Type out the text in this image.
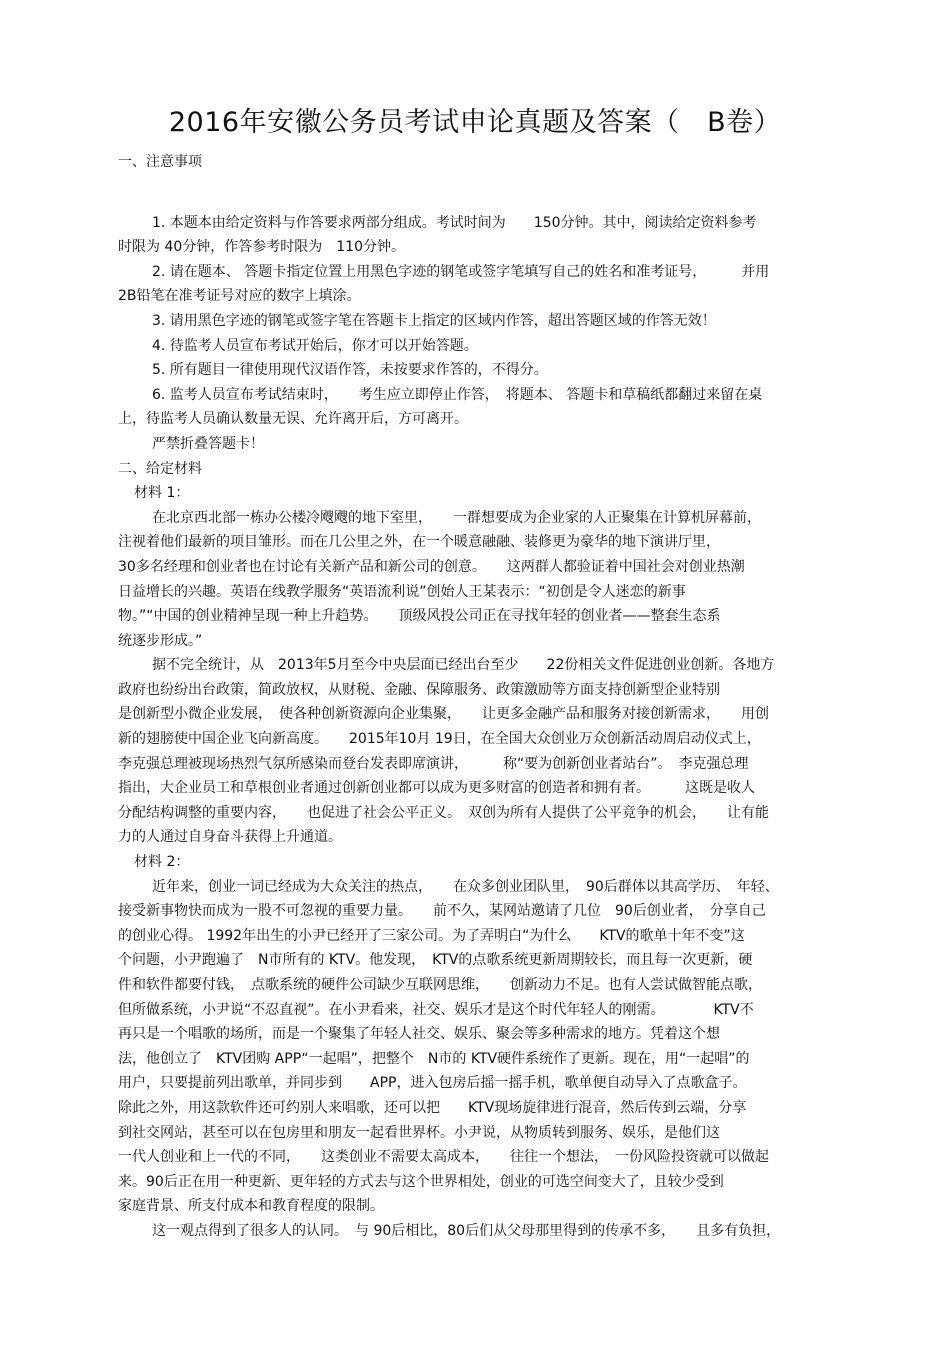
2016年安徽公务员考试申论真题及答案（　B卷）
一、注意事项
1. 本题本由给定资料与作答要求两部分组成。考试时间为　　150分钟。其中，阅读给定资料参考
时限为 40分钟，作答参考时限为　110分钟。
2. 请在题本、 答题卡指定位置上用黑色字迹的钢笔或签字笔填写自己的姓名和准考证号，　　　并用
2B铅笔在准考证号对应的数字上填涂。
3. 请用黑色字迹的钢笔或签字笔在答题卡上指定的区域内作答，超出答题区域的作答无效！
4. 待监考人员宣布考试开始后，你才可以开始答题。
5. 所有题目一律使用现代汉语作答，未按要求作答的，不得分。
6. 监考人员宣布考试结束时，　　考生应立即停止作答，　将题本、 答题卡和草稿纸都翻过来留在桌
上，待监考人员确认数量无误、允许离开后，方可离开。
严禁折叠答题卡！
二、给定材料
材料 1：
在北京西北部一栋办公楼冷飕飕的地下室里，　　一群想要成为企业家的人正聚集在计算机屏幕前，
注视着他们最新的项目雏形。而在几公里之外，在一个暖意融融、装修更为豪华的地下演讲厅里，
30多名经理和创业者也在讨论有关新产品和新公司的创意。　　这两群人都验证着中国社会对创业热潮
日益增长的兴趣。英语在线教学服务“英语流利说”创始人王某表示：“初创是令人迷恋的新事
物。”“中国的创业精神呈现一种上升趋势。　　顶级风投公司正在寻找年轻的创业者——整套生态系
统逐步形成。”
据不完全统计，从　2013年5月至今中央层面已经出台至少　　22份相关文件促进创业创新。各地方
政府也纷纷出台政策，简政放权，从财税、金融、保障服务、政策激励等方面支持创新型企业特别
是创新型小微企业发展，　使各种创新资源向企业集聚，　　让更多金融产品和服务对接创新需求，　　用创
新的翅膀使中国企业飞向新高度。　　2015年10月 19日，在全国大众创业万众创新活动周启动仪式上，
李克强总理被现场热烈气氛所感染而登台发表即席演讲，　　　称“要为创新创业者站台”。　李克强总理
指出，大企业员工和草根创业者通过创新创业都可以成为更多财富的创造者和拥有者。　　　这既是收人
分配结构调整的重要内容，　　也促进了社会公平正义。　双创为所有人提供了公平竞争的机会，　　让有能
力的人通过自身奋斗获得上升通道。
材料 2：
近年来，创业一词已经成为大众关注的热点，　　在众多创业团队里，　90后群体以其高学历、　年轻、
接受新事物快而成为一股不可忽视的重要力量。　　前不久，某网站邀请了几位　90后创业者，　分享自己
的创业心得。 1992年出生的小尹已经开了三家公司。为了弄明白“为什么　　KTV的歌单十年不变”这
个问题，小尹跑遍了　N市所有的 KTV。他发现，　KTV的点歌系统更新周期较长，而且每一次更新，硬
件和软件都要付钱，　点歌系统的硬件公司缺少互联网思维，　　创新动力不足。也有人尝试做智能点歌，
但所做系统，小尹说“不忍直视”。在小尹看来，社交、娱乐才是这个时代年轻人的刚需。　　　　KTV不
再只是一个唱歌的场所，而是一个聚集了年轻人社交、娱乐、聚会等多种需求的地方。凭着这个想
法，他创立了　KTV团购 APP“一起唱”，把整个　N市的 KTV硬件系统作了更新。现在，用“一起唱”的
用户，只要提前列出歌单，并同步到　　APP，进入包房后摇一摇手机，歌单便自动导入了点歌盒子。
除此之外，用这款软件还可约别人来唱歌，还可以把　　KTV现场旋律进行混音，然后传到云端，分享
到社交网站，甚至可以在包房里和朋友一起看世界杯。小尹说，从物质转到服务、娱乐，是他们这
一代人创业和上一代的不同，　　这类创业不需要太高成本，　　往往一个想法，　一份风险投资就可以做起
来。90后正在用一种更新、更年轻的方式去与这个世界相处，创业的可选空间变大了，且较少受到
家庭背景、所支付成本和教育程度的限制。
这一观点得到了很多人的认同。　与 90后相比，80后们从父母那里得到的传承不多，　　且多有负担，
